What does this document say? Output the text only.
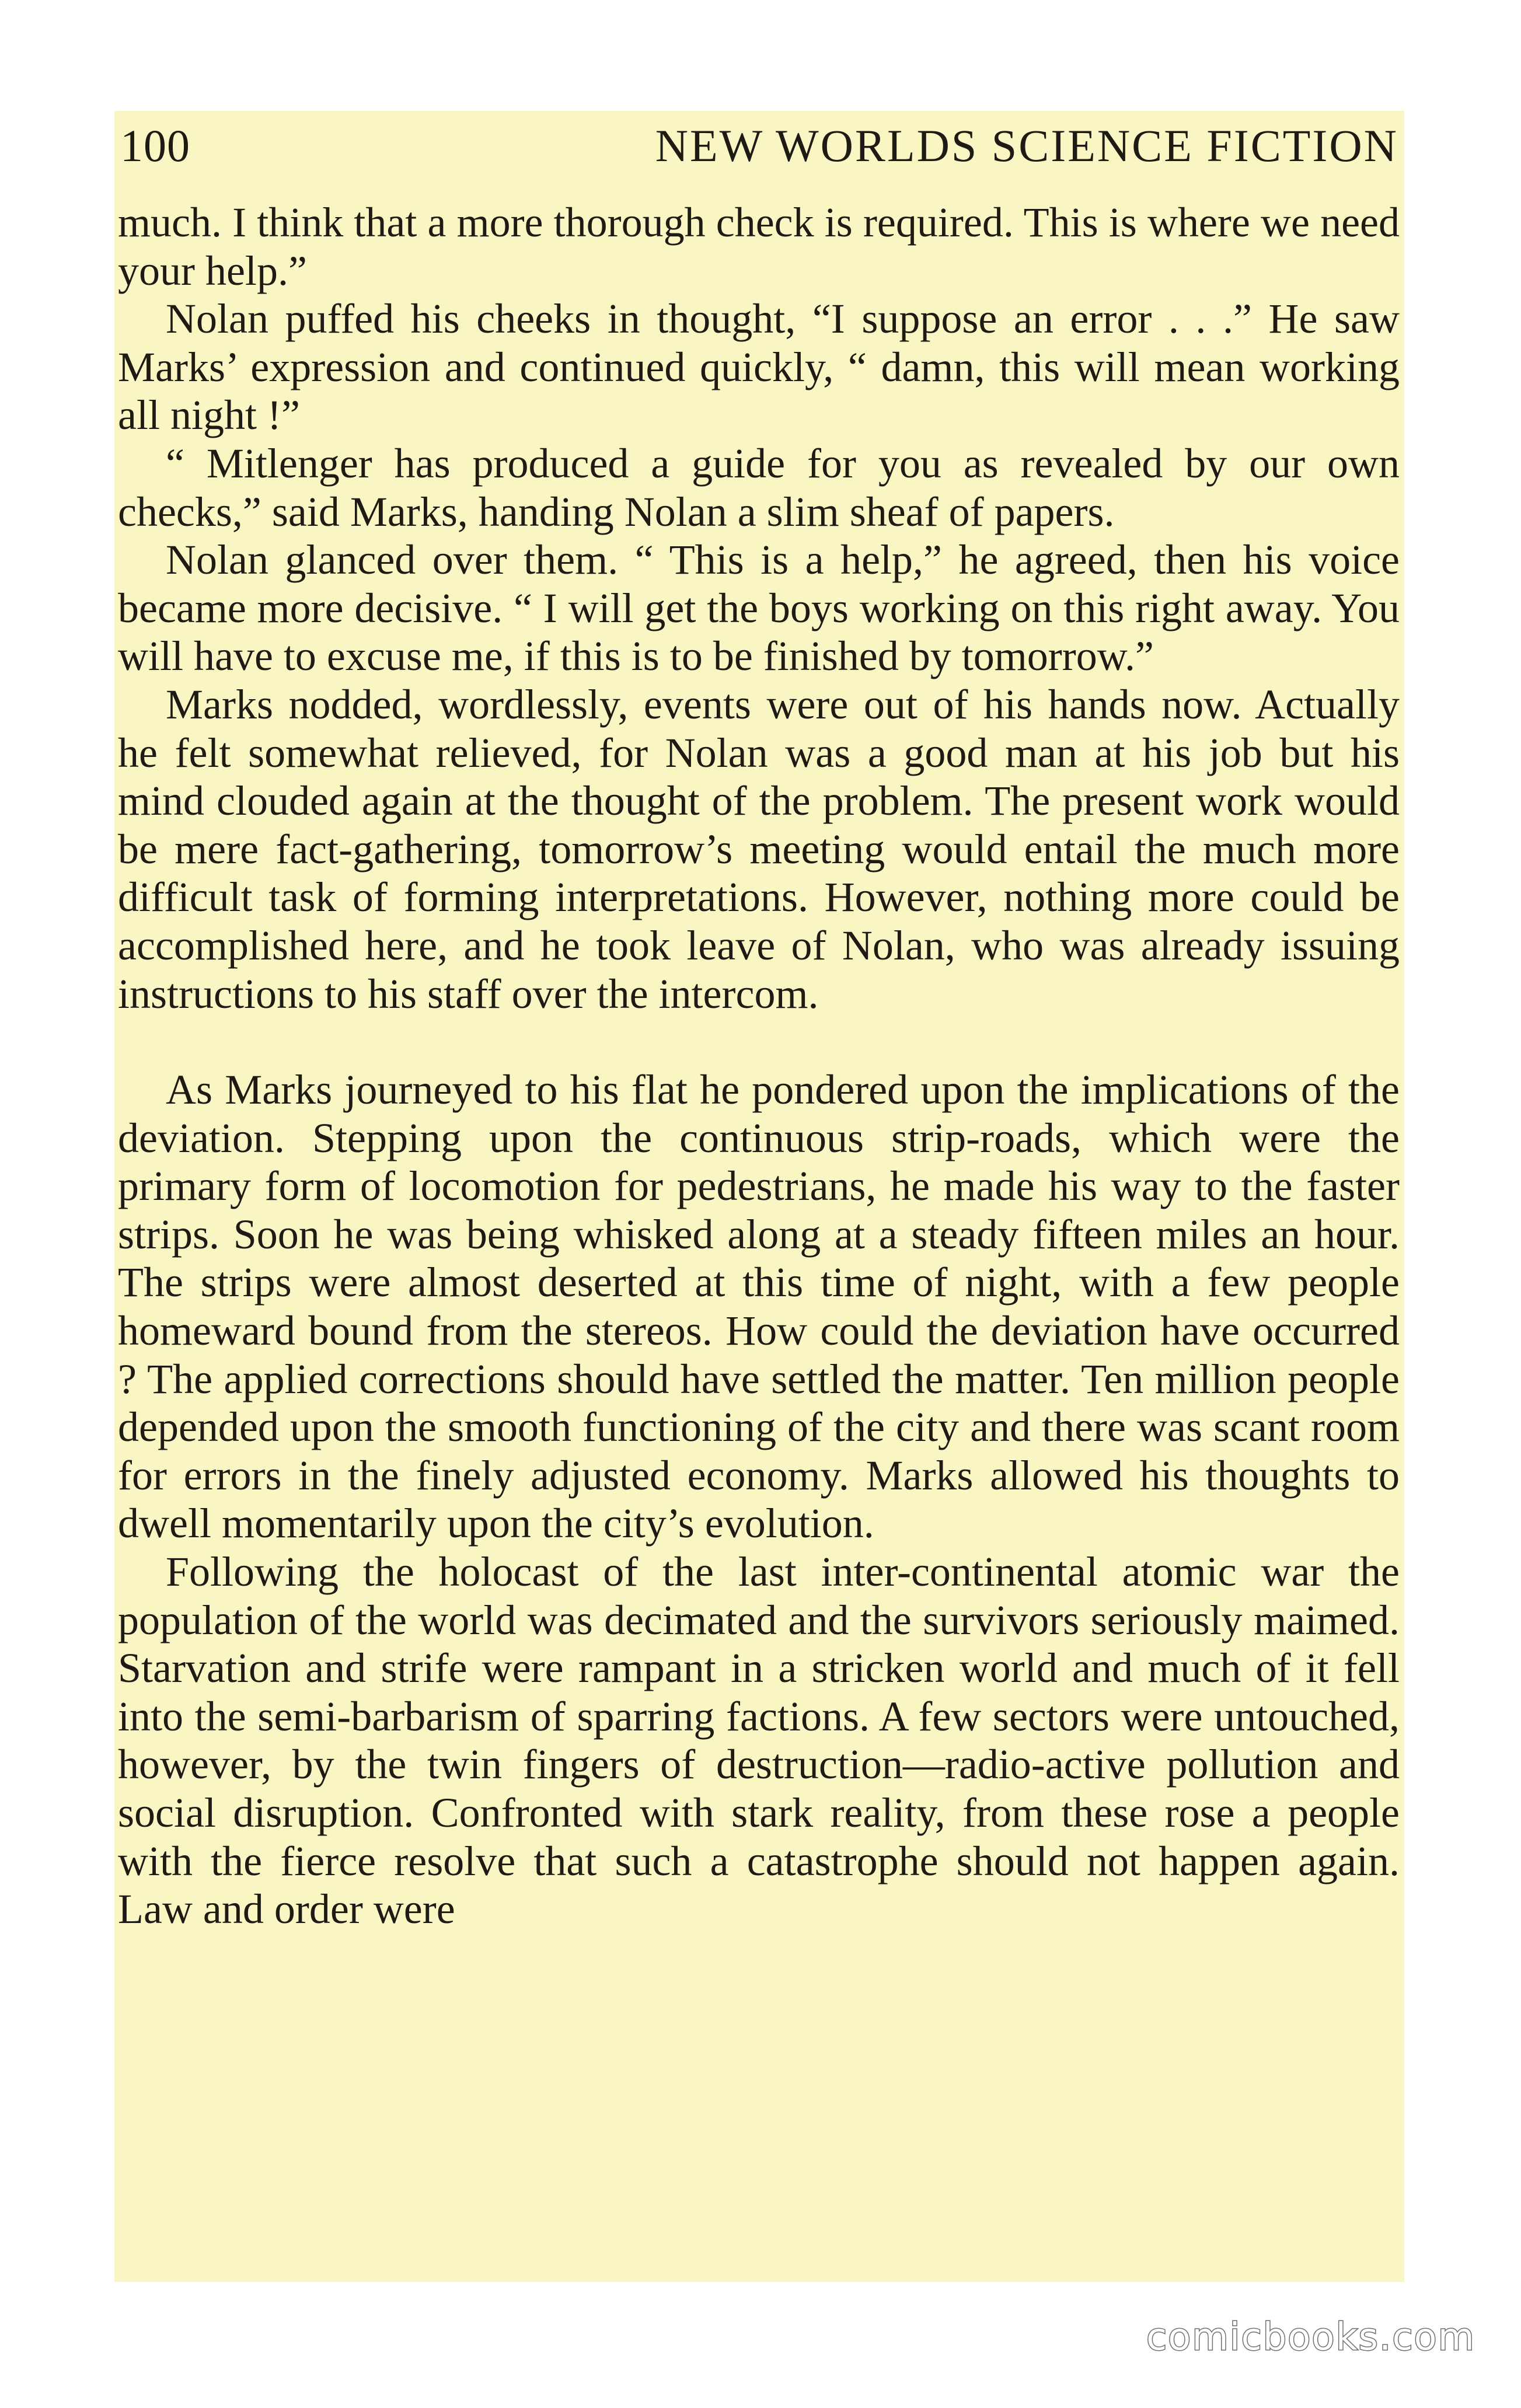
100	NEW WORLDS SCIENCE FICTION

much. I think that a more thorough check is required. This is where we need your help.”

Nolan puffed his cheeks in thought, “I suppose an error . . .” He saw Marks’ expression and continued quickly, “ damn, this will mean working all night !”

“ Mitlenger has produced a guide for you as revealed by our own checks,” said Marks, handing Nolan a slim sheaf of papers.

Nolan glanced over them. “ This is a help,” he agreed, then his voice became more decisive. “ I will get the boys working on this right away. You will have to excuse me, if this is to be finished by tomorrow.”

Marks nodded, wordlessly, events were out of his hands now. Actually he felt somewhat relieved, for Nolan was a good man at his job but his mind clouded again at the thought of the problem. The present work would be mere fact-gathering, tomorrow’s meeting would entail the much more difficult task of forming interpretations. However, nothing more could be accomplished here, and he took leave of Nolan, who was already issuing instructions to his staff over the intercom.

As Marks journeyed to his flat he pondered upon the implications of the deviation. Stepping upon the continuous strip-roads, which were the primary form of locomotion for pedestrians, he made his way to the faster strips. Soon he was being whisked along at a steady fifteen miles an hour. The strips were almost deserted at this time of night, with a few people homeward bound from the stereos. How could the deviation have occurred ? The applied corrections should have settled the matter. Ten million people depended upon the smooth functioning of the city and there was scant room for errors in the finely adjusted economy. Marks allowed his thoughts to dwell momentarily upon the city’s evolution.

Following the holocast of the last inter-continental atomic war the population of the world was decimated and the survivors seriously maimed. Starvation and strife were rampant in a stricken world and much of it fell into the semi-barbarism of sparring factions. A few sectors were untouched, however, by the twin fingers of destruction—radio-active pollution and social disruption. Confronted with stark reality, from these rose a people with the fierce resolve that such a catastrophe should not happen again. Law and order were

comicbooks.com
